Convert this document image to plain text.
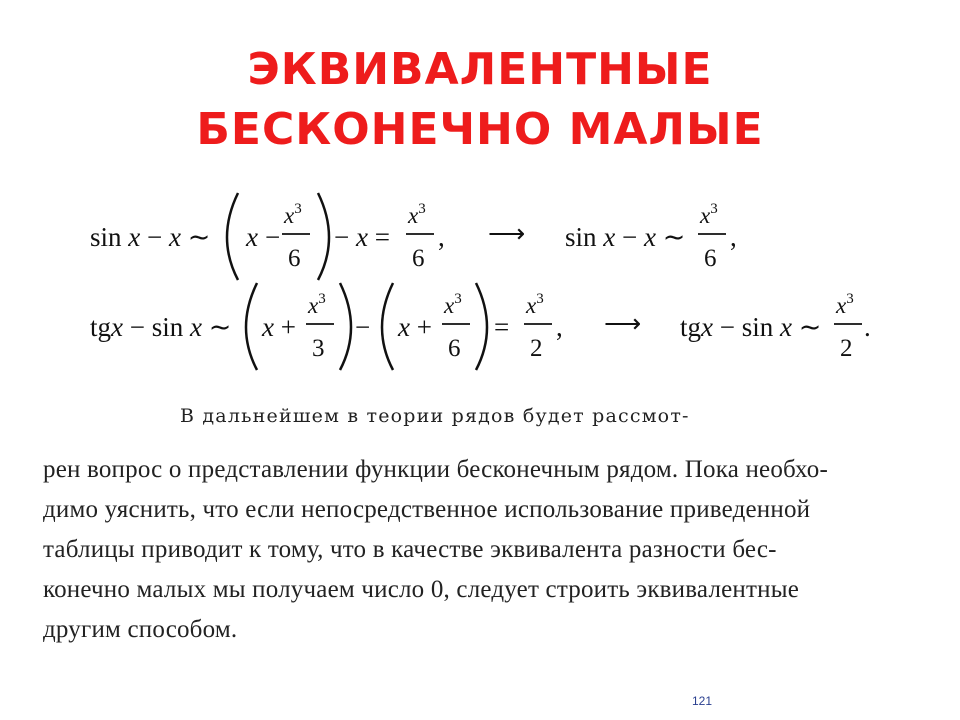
ЭКВИВАЛЕНТНЫЕ
БЕСКОНЕЧНО МАЛЫЕ
sin x − x ∼ x −
$x^3$
6
− x =
$x^3$
6
, ⟶ sin x − x ∼
$x^3$
6
,
tgx − sin x ∼ x +
$x^3$
3
− x +
$x^3$
6
=
$x^3$
2
, ⟶ tgx − sin x ∼
$x^3$
2
.
В дальнейшем в теории рядов будет рассмот-
рен вопрос о представлении функции бесконечным рядом. Пока необхо-
димо уяснить, что если непосредственное использование приведенной
таблицы приводит к тому, что в качестве эквивалента разности бес-
конечно малых мы получаем число 0, следует строить эквивалентные
другим способом.
121
